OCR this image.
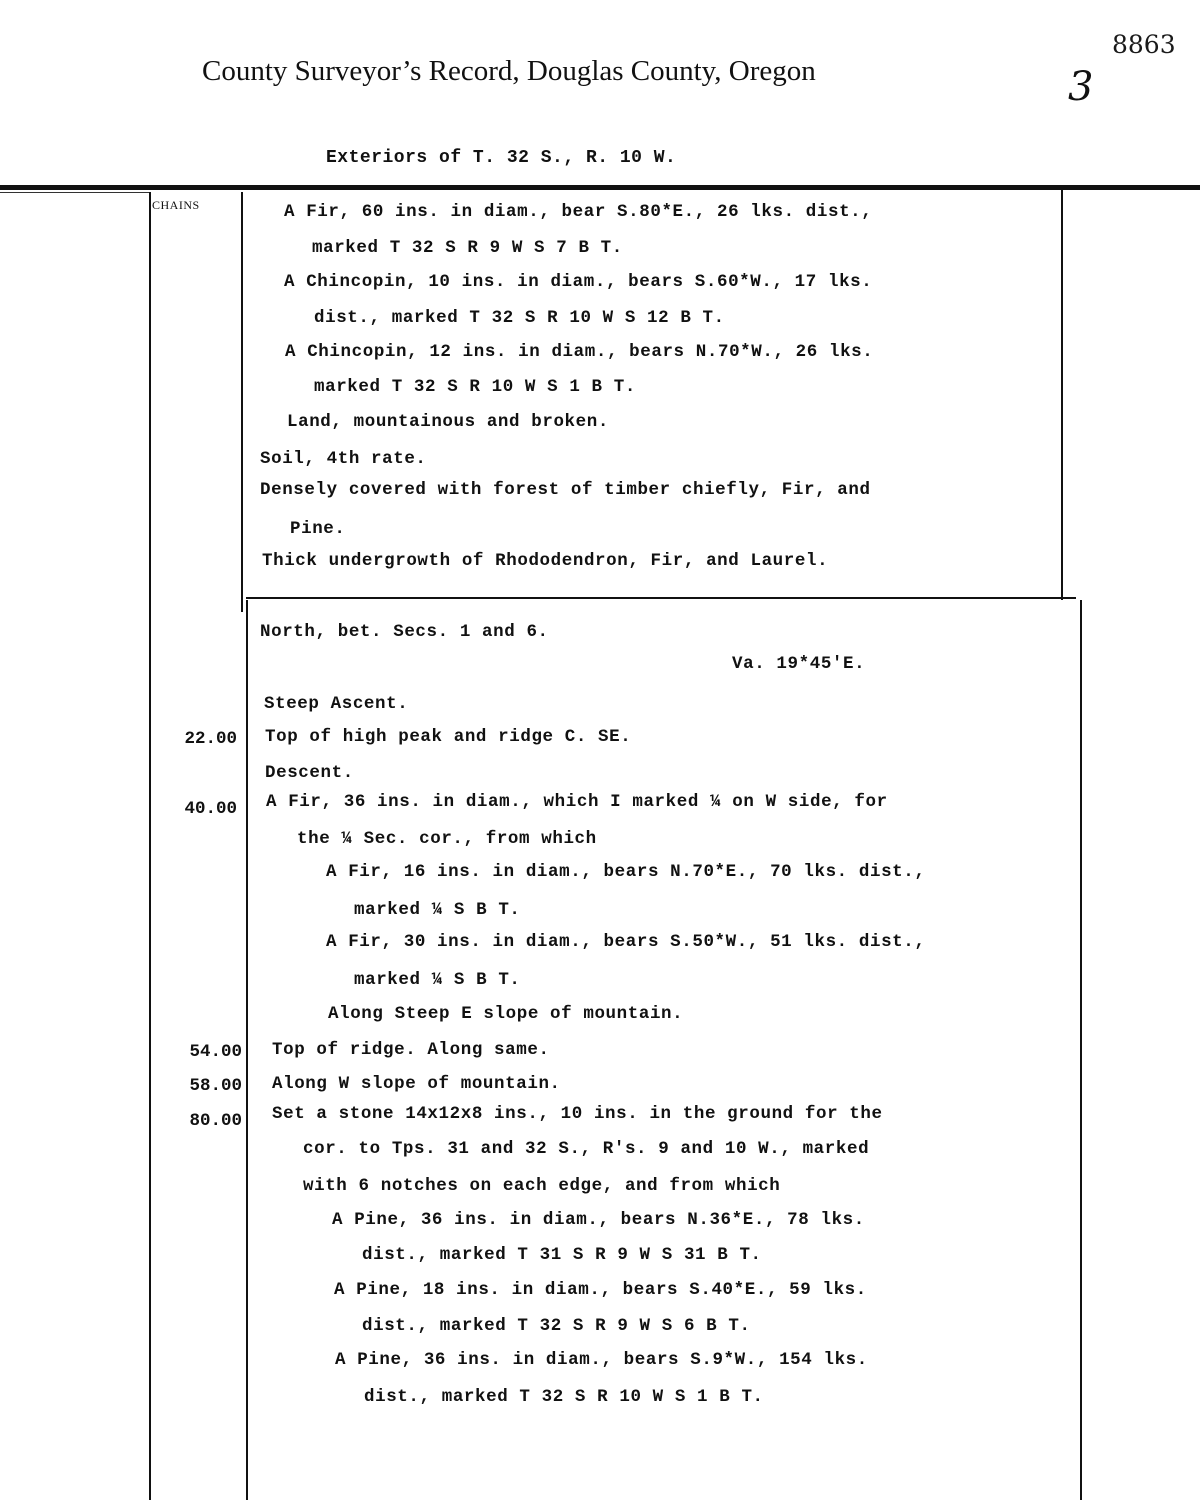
8863
County Surveyor’s Record, Douglas County, Oregon	3
Exteriors of T. 32 S., R. 10 W.
CHAINS	A Fir, 60 ins. in diam., bear S.80*E., 26 lks. dist.,
marked T 32 S R 9 W S 7 B T.
A Chincopin, 10 ins. in diam., bears S.60*W., 17 lks.
dist., marked T 32 S R 10 W S 12 B T.
A Chincopin, 12 ins. in diam., bears N.70*W., 26 lks.
marked T 32 S R 10 W S 1 B T.
Land, mountainous and broken.
Soil, 4th rate.
Densely covered with forest of timber chiefly, Fir, and
Pine.
Thick undergrowth of Rhododendron, Fir, and Laurel.
North, bet. Secs. 1 and 6.
Va. 19*45'E.
Steep Ascent.
Top of high peak and ridge C. SE.
Descent.
A Fir, 36 ins. in diam., which I marked ¼ on W side, for
the ¼ Sec. cor., from which
A Fir, 16 ins. in diam., bears N.70*E., 70 lks. dist.,
marked ¼ S B T.
A Fir, 30 ins. in diam., bears S.50*W., 51 lks. dist.,
marked ¼ S B T.
Along Steep E slope of mountain.
Top of ridge. Along same.
Along W slope of mountain.
Set a stone 14x12x8 ins., 10 ins. in the ground for the
cor. to Tps. 31 and 32 S., R's. 9 and 10 W., marked
with 6 notches on each edge, and from which
A Pine, 36 ins. in diam., bears N.36*E., 78 lks.
dist., marked T 31 S R 9 W S 31 B T.
A Pine, 18 ins. in diam., bears S.40*E., 59 lks.
dist., marked T 32 S R 9 W S 6 B T.
A Pine, 36 ins. in diam., bears S.9*W., 154 lks.
dist., marked T 32 S R 10 W S 1 B T.
22.00
40.00
54.00
58.00
80.00
